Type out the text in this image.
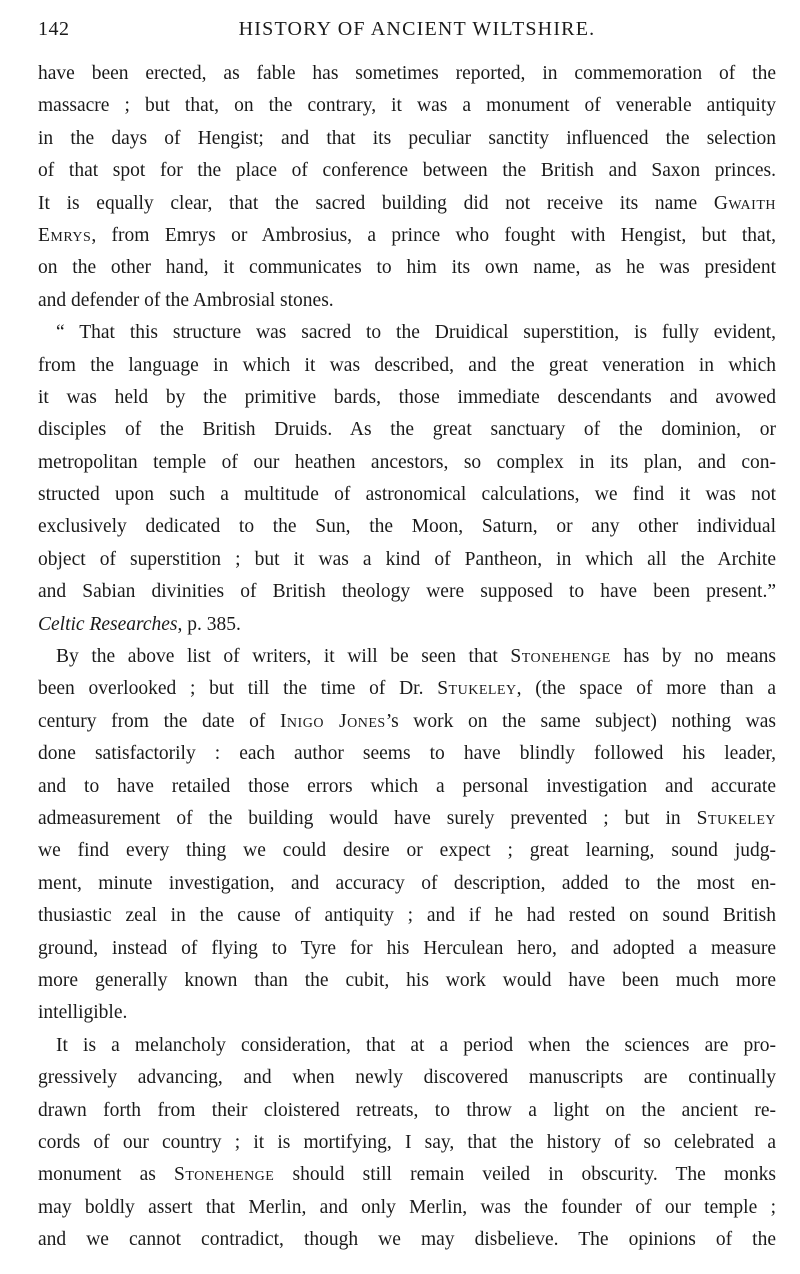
142	HISTORY OF ANCIENT WILTSHIRE.
have been erected, as fable has sometimes reported, in commemoration of the
massacre ; but that, on the contrary, it was a monument of venerable antiquity
in the days of Hengist; and that its peculiar sanctity influenced the selection
of that spot for the place of conference between the British and Saxon princes.
It is equally clear, that the sacred building did not receive its name Gwaith
Emrys, from Emrys or Ambrosius, a prince who fought with Hengist, but that,
on the other hand, it communicates to him its own name, as he was president
and defender of the Ambrosial stones.
“ That this structure was sacred to the Druidical superstition, is fully evident,
from the language in which it was described, and the great veneration in which
it was held by the primitive bards, those immediate descendants and avowed
disciples of the British Druids. As the great sanctuary of the dominion, or
metropolitan temple of our heathen ancestors, so complex in its plan, and con-
structed upon such a multitude of astronomical calculations, we find it was not
exclusively dedicated to the Sun, the Moon, Saturn, or any other individual
object of superstition ; but it was a kind of Pantheon, in which all the Archite
and Sabian divinities of British theology were supposed to have been present.”
Celtic Researches, p. 385.
By the above list of writers, it will be seen that Stonehenge has by no means
been overlooked ; but till the time of Dr. Stukeley, (the space of more than a
century from the date of Inigo Jones’s work on the same subject) nothing was
done satisfactorily : each author seems to have blindly followed his leader,
and to have retailed those errors which a personal investigation and accurate
admeasurement of the building would have surely prevented ; but in Stukeley
we find every thing we could desire or expect ; great learning, sound judg-
ment, minute investigation, and accuracy of description, added to the most en-
thusiastic zeal in the cause of antiquity ; and if he had rested on sound British
ground, instead of flying to Tyre for his Herculean hero, and adopted a measure
more generally known than the cubit, his work would have been much more
intelligible.
It is a melancholy consideration, that at a period when the sciences are pro-
gressively advancing, and when newly discovered manuscripts are continually
drawn forth from their cloistered retreats, to throw a light on the ancient re-
cords of our country ; it is mortifying, I say, that the history of so celebrated a
monument as Stonehenge should still remain veiled in obscurity. The monks
may boldly assert that Merlin, and only Merlin, was the founder of our temple ;
and we cannot contradict, though we may disbelieve. The opinions of the
